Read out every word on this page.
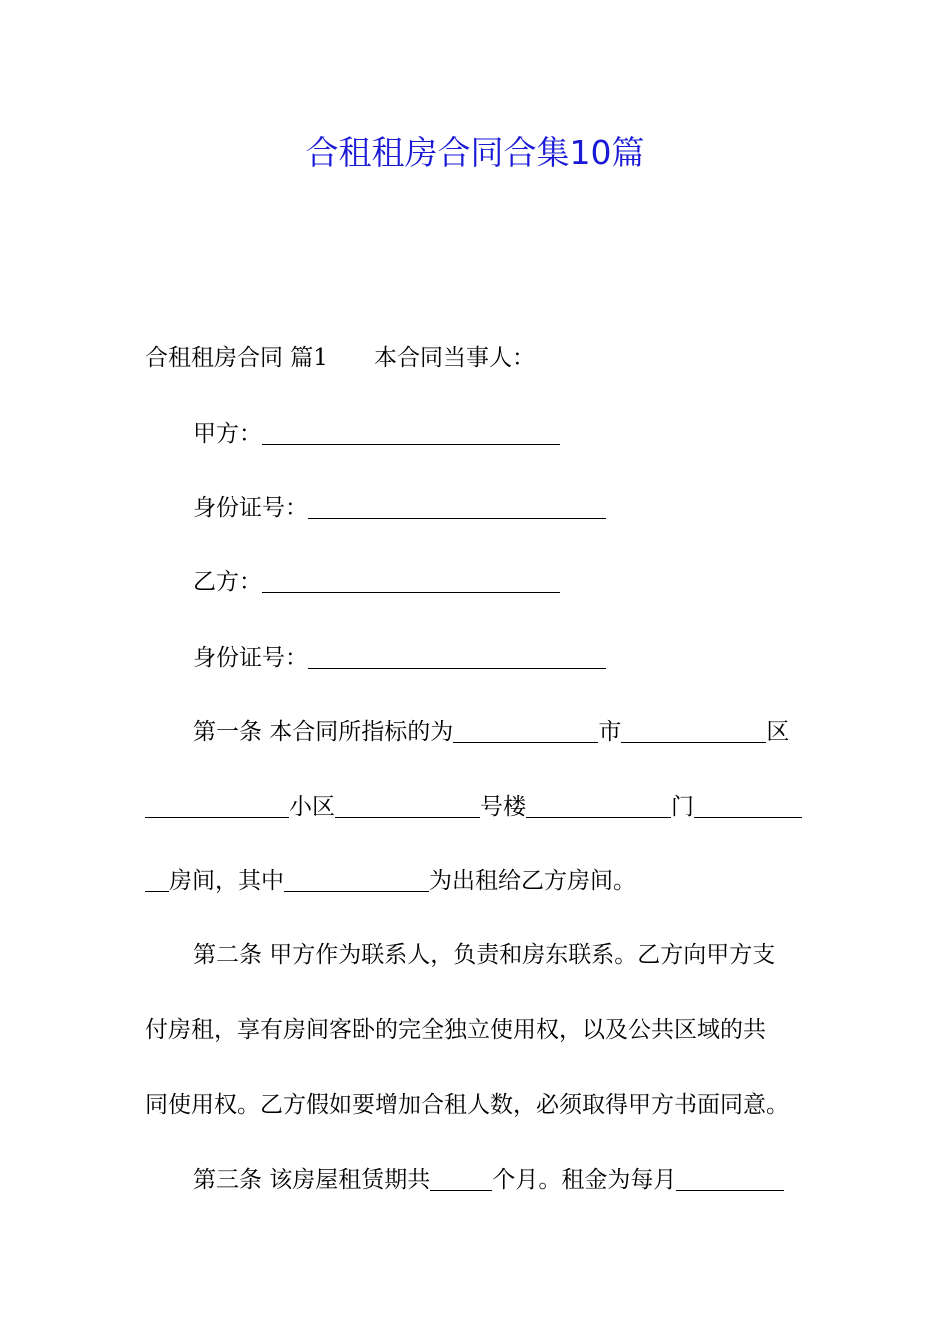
合租租房合同合集10篇
合租租房合同 篇1 本合同当事人：
甲方：
身份证号：
乙方：
身份证号：
第一条 本合同所指标的为	市	区
小区	号楼	门
房间，其中	为出租给乙方房间。
第二条 甲方作为联系人，负责和房东联系。乙方向甲方支
付房租，享有房间客卧的完全独立使用权，以及公共区域的共
同使用权。乙方假如要增加合租人数，必须取得甲方书面同意。
第三条 该房屋租赁期共	个月。租金为每月
